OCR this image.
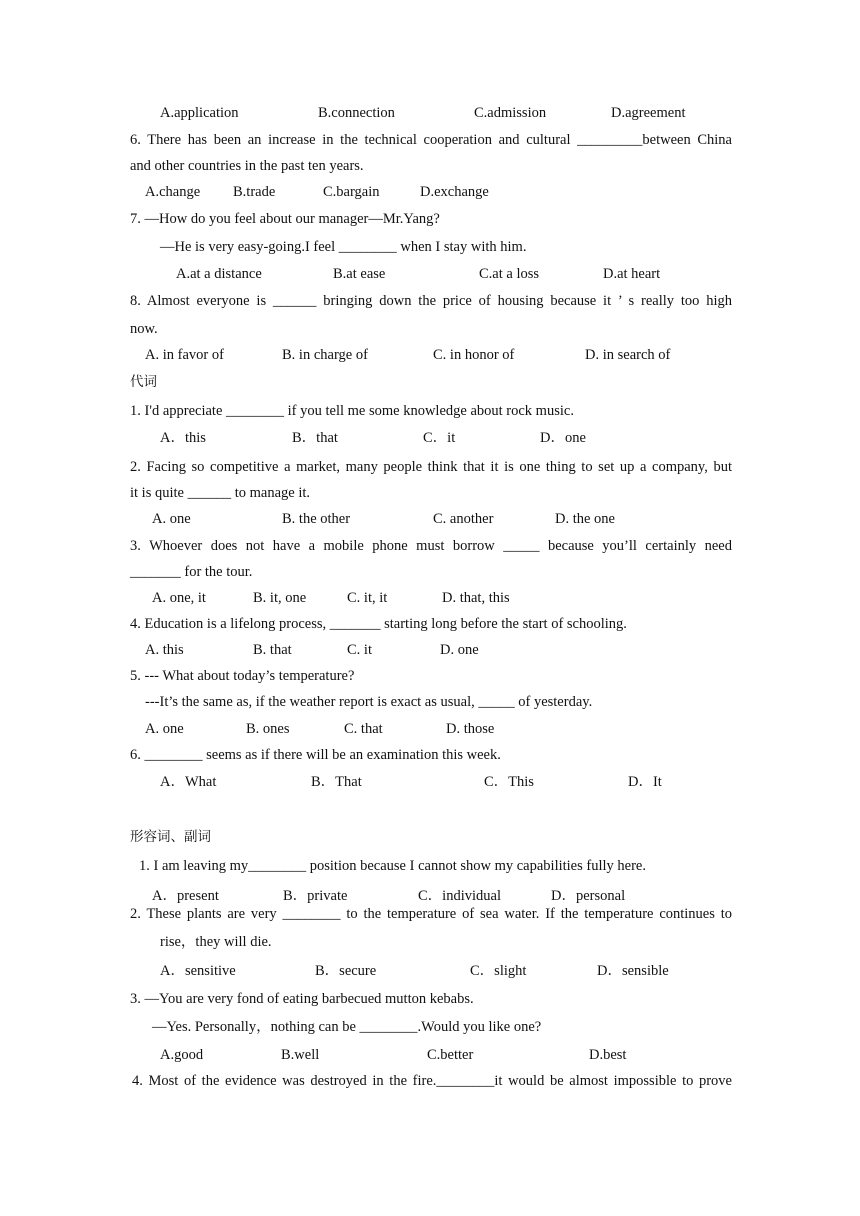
A.application	B.connection	C.admission	D.agreement
6. There has been an increase in the technical cooperation and cultural _________between China
and other countries in the past ten years.
A.change B.trade	C.bargain	D.exchange
7. —How do you feel about our manager—Mr.Yang?
—He is very easy-going.I feel ________ when I stay with him.
A.at a distance	B.at ease	C.at a loss	D.at heart
8. Almost everyone is ______ bringing down the price of housing because it ’ s really too high
now.
A. in favor of	B. in charge of	C. in honor of	D. in search of
代词
1. I'd appreciate ________ if you tell me some knowledge about rock music.
A．this	B．that	C．it	D．one
2. Facing so competitive a market, many people think that it is one thing to set up a company, but
it is quite ______ to manage it.
A. one	B. the other	C. another	D. the one
3. Whoever does not have a mobile phone must borrow _____ because you’ll certainly need
_______ for the tour.
A. one, it	B. it, one	C. it, it	D. that, this
4. Education is a lifelong process, _______ starting long before the start of schooling.
A. this	B. that	C. it	D. one
5. --- What about today’s temperature?
---It’s the same as, if the weather report is exact as usual, _____ of yesterday.
A. one	B. ones	C. that	D. those
6. ________ seems as if there will be an examination this week.
A．What	B．That	C．This	D．It
形容词、副词
1. I am leaving my________ position because I cannot show my capabilities fully here.
A．present	B．private	C．individual	D．personal
2. These plants are very ________ to the temperature of sea water. If the temperature continues to
rise，they will die.
A．sensitive	B．secure	C．slight	D．sensible
3. —You are very fond of eating barbecued mutton kebabs.
—Yes. Personally，nothing can be ________.Would you like one?
A.good	B.well	C.better	D.best
4. Most of the evidence was destroyed in the fire.________it would be almost impossible to prove
